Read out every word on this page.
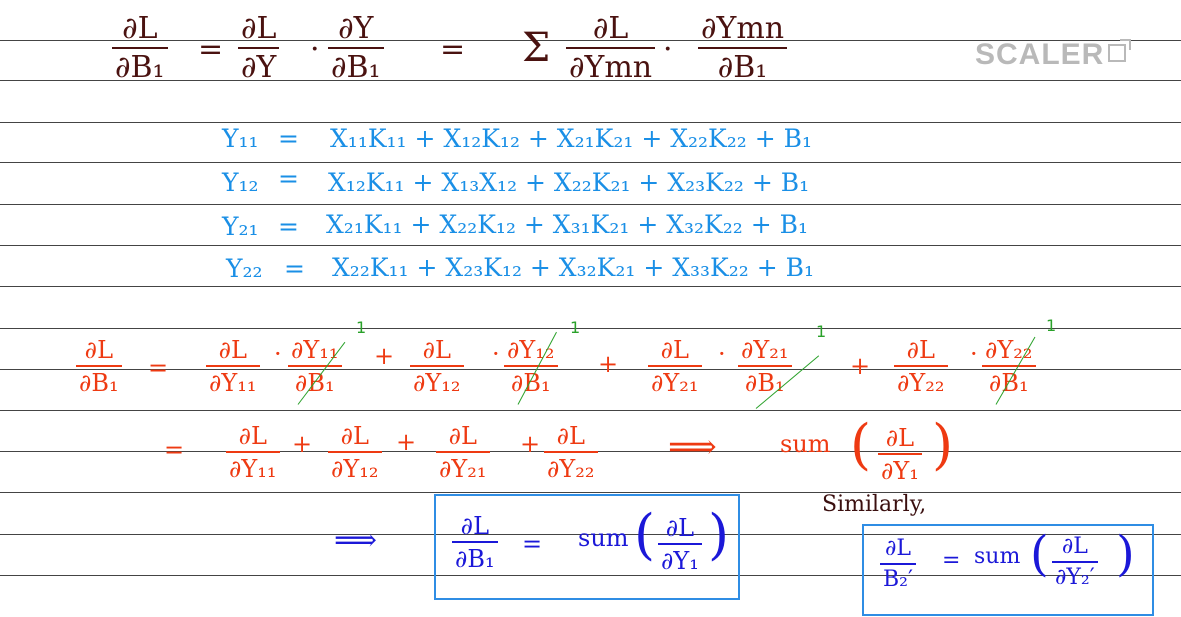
SCALER
∂L
∂B₁
=
∂L
∂Y
·
∂Y
∂B₁
= Σ ∂L
∂Ymn
·
∂Ymn
∂B₁
Y₁₁ = X₁₁K₁₁ + X₁₂K₁₂ + X₂₁K₂₁ + X₂₂K₂₂ + B₁
Y₁₂ = X₁₂K₁₁ + X₁₃X₁₂ + X₂₂K₂₁ + X₂₃K₂₂ + B₁
Y₂₁ = X₂₁K₁₁ + X₂₂K₁₂ + X₃₁K₂₁ + X₃₂K₂₂ + B₁
Y₂₂ = X₂₂K₁₁ + X₂₃K₁₂ + X₃₂K₂₁ + X₃₃K₂₂ + B₁
∂L
∂B₁
=
∂L
∂Y₁₁
· ∂Y₁₁
∂B₁
1
+ ∂L
∂Y₁₂
· ∂Y₁₂
∂B₁
1
+ ∂L
∂Y₂₁
· ∂Y₂₁
∂B₁
1
+
∂L
∂Y₂₂
· ∂Y₂₂
∂B₁
1
= ∂L
∂Y₁₁
+ ∂L
∂Y₁₂
+ ∂L
∂Y₂₁
+ ∂L
∂Y₂₂
⟹	sum ( ∂L
∂Y₁ )
⟹	∂L
∂B₁
= sum ( ∂L
∂Y₁ )	Similarly,
∂L
B₂′
= sum ( ∂L
∂Y₂′ )
